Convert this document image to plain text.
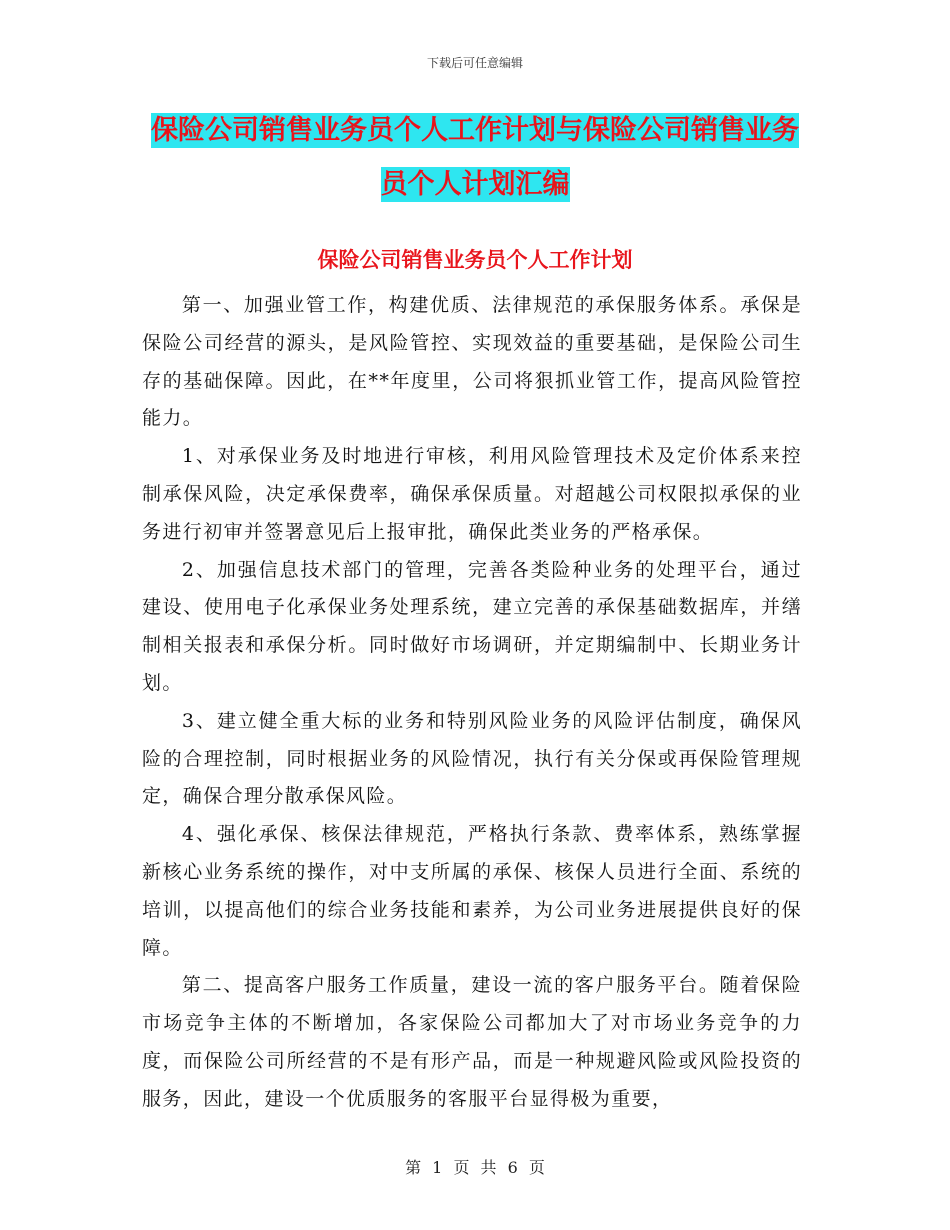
下载后可任意编辑
保险公司销售业务员个人工作计划与保险公司销售业务员个人计划汇编
保险公司销售业务员个人工作计划

第一、加强业管工作，构建优质、法律规范的承保服务体系。承保是保险公司经营的源头，是风险管控、实现效益的重要基础，是保险公司生存的基础保障。因此，在**年度里，公司将狠抓业管工作，提高风险管控能力。

1、对承保业务及时地进行审核，利用风险管理技术及定价体系来控制承保风险，决定承保费率，确保承保质量。对超越公司权限拟承保的业务进行初审并签署意见后上报审批，确保此类业务的严格承保。

2、加强信息技术部门的管理，完善各类险种业务的处理平台，通过建设、使用电子化承保业务处理系统，建立完善的承保基础数据库，并缮制相关报表和承保分析。同时做好市场调研，并定期编制中、长期业务计划。

3、建立健全重大标的业务和特别风险业务的风险评估制度，确保风险的合理控制，同时根据业务的风险情况，执行有关分保或再保险管理规定，确保合理分散承保风险。

4、强化承保、核保法律规范，严格执行条款、费率体系，熟练掌握新核心业务系统的操作，对中支所属的承保、核保人员进行全面、系统的培训，以提高他们的综合业务技能和素养，为公司业务进展提供良好的保障。

第二、提高客户服务工作质量，建设一流的客户服务平台。随着保险市场竞争主体的不断增加，各家保险公司都加大了对市场业务竞争的力度，而保险公司所经营的不是有形产品，而是一种规避风险或风险投资的服务，因此，建设一个优质服务的客服平台显得极为重要，

第 1 页 共 6 页
